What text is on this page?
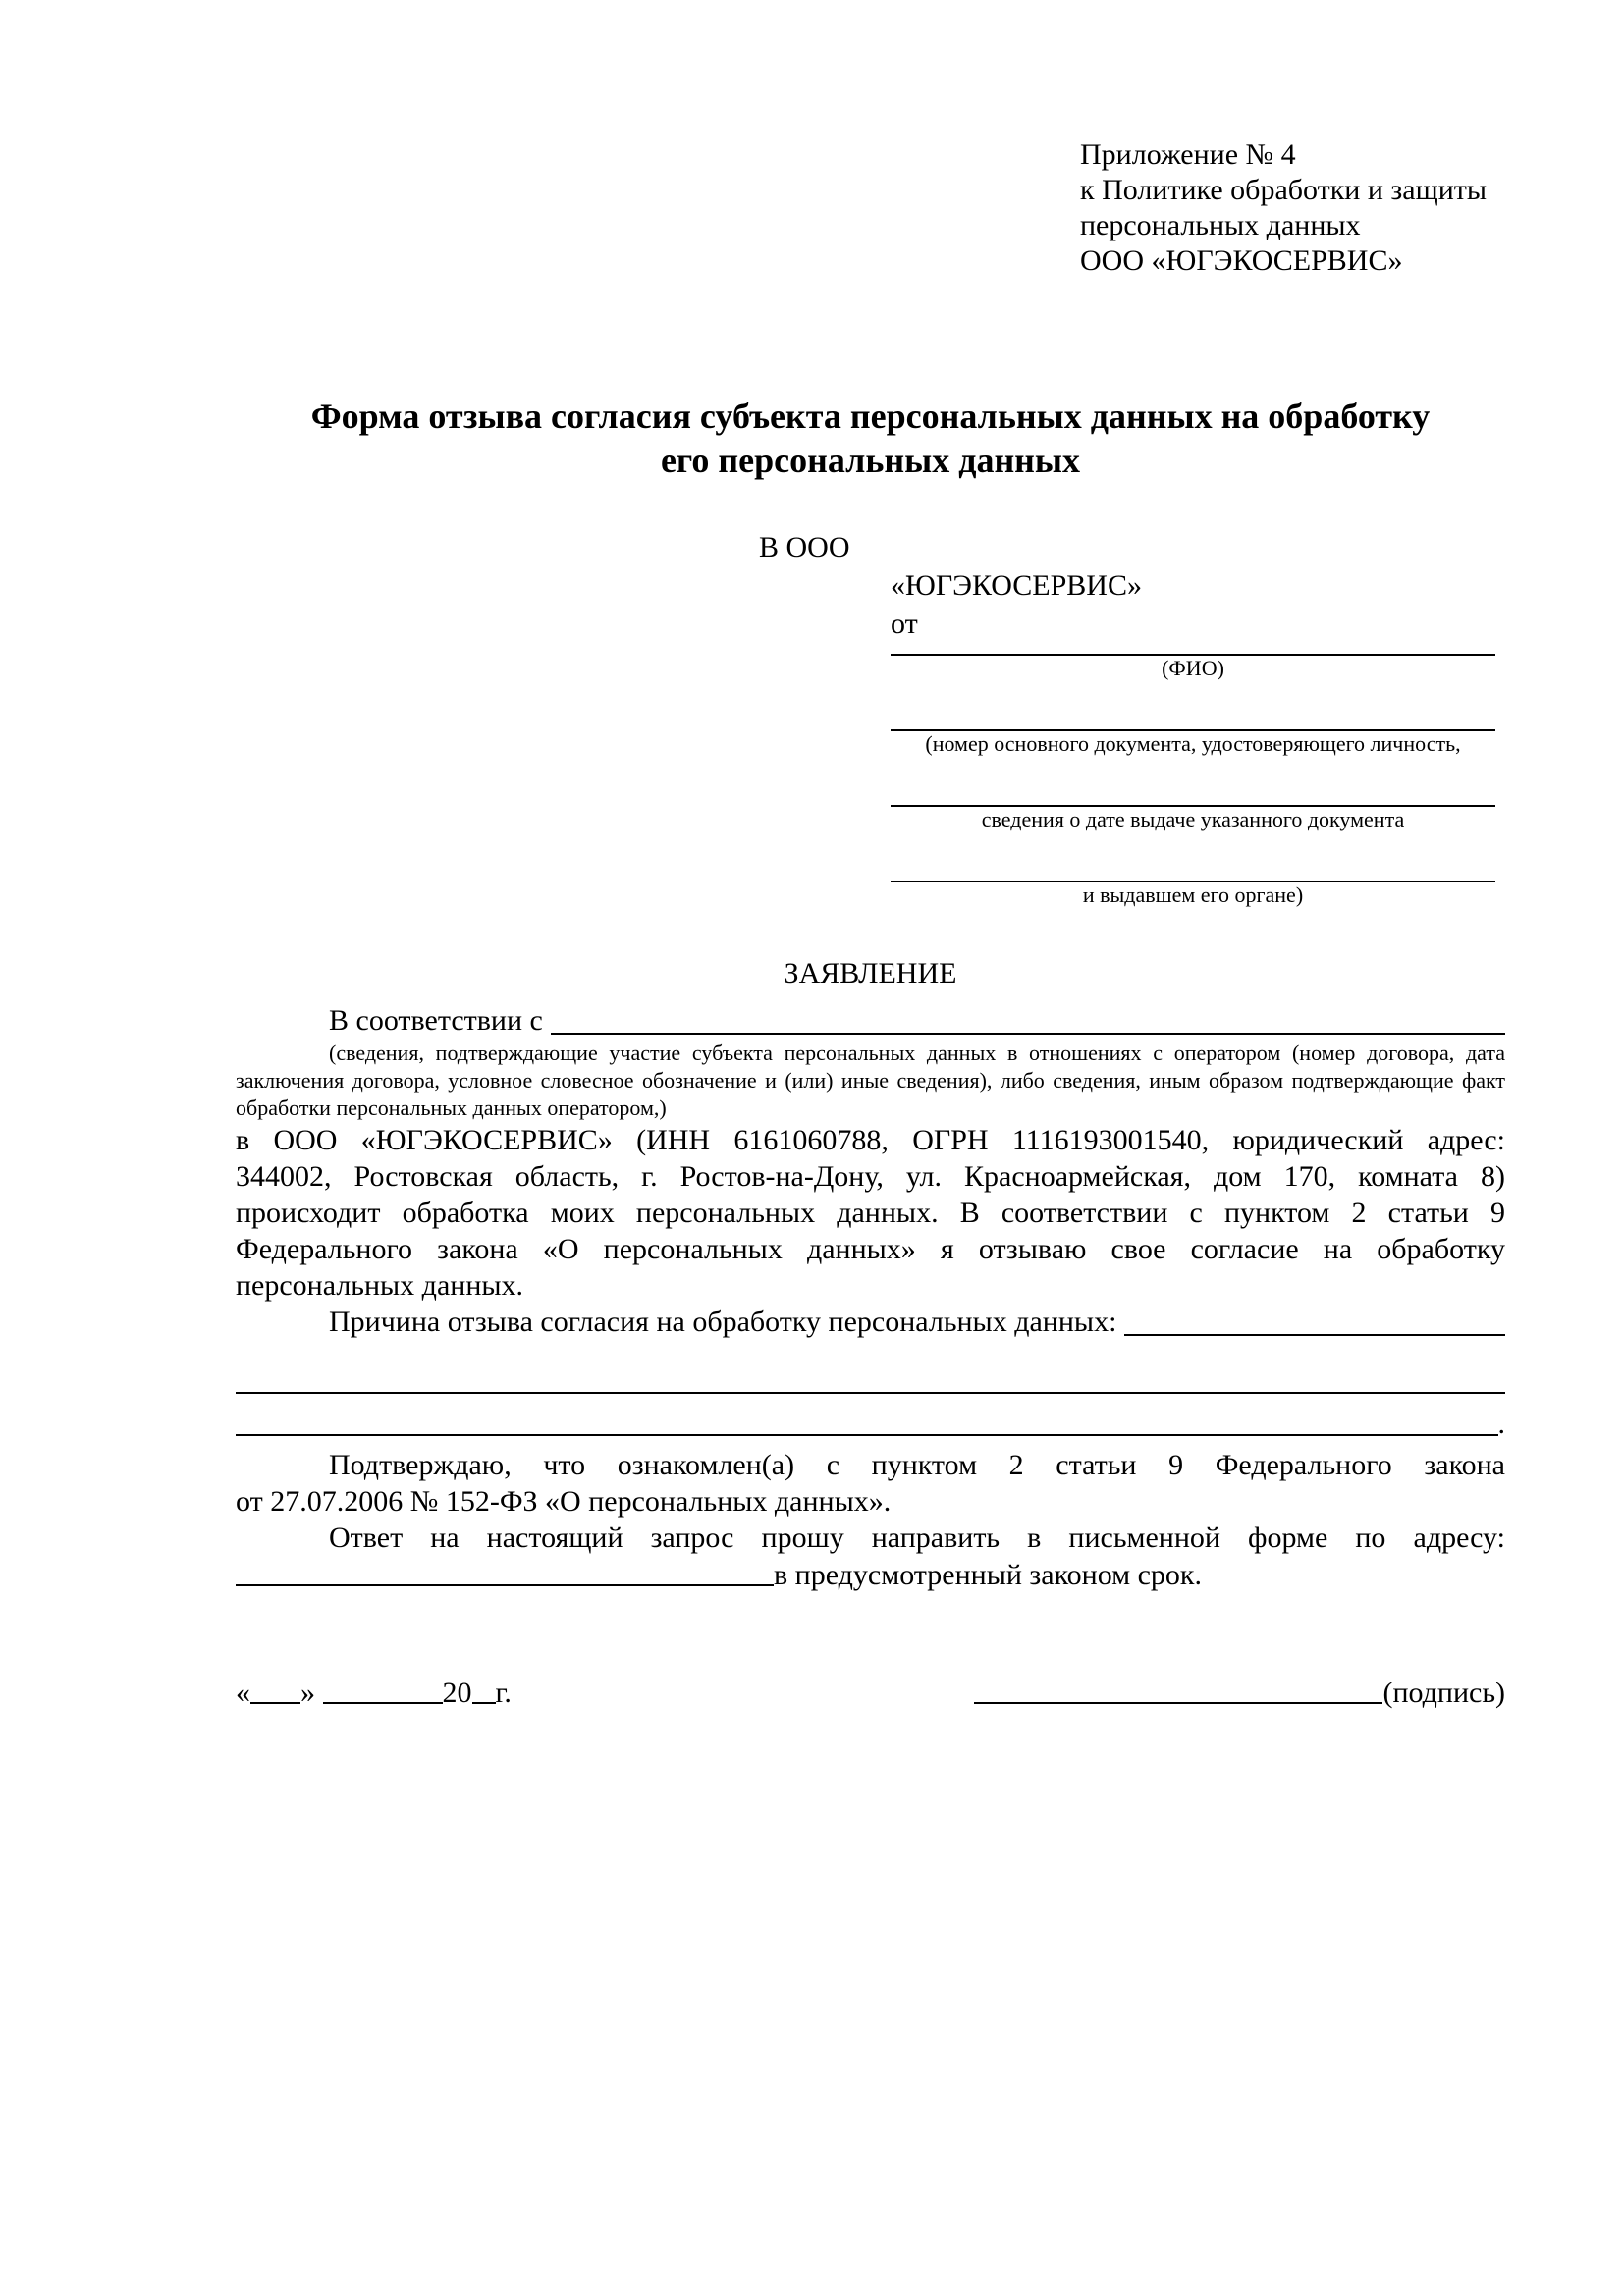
Приложение № 4
к Политике обработки и защиты
персональных данных
ООО «ЮГЭКОСЕРВИС»
Форма отзыва согласия субъекта персональных данных на обработку
его персональных данных
В ООО
«ЮГЭКОСЕРВИС»
от
(ФИО)
(номер основного документа, удостоверяющего личность,
сведения о дате выдаче указанного документа
и выдавшем его органе)
ЗАЯВЛЕНИЕ
В соответствии с
(сведения, подтверждающие участие субъекта персональных данных в отношениях с оператором (номер договора, дата
заключения договора, условное словесное обозначение и (или) иные сведения), либо сведения, иным образом подтверждающие факт
обработки персональных данных оператором,)
в ООО «ЮГЭКОСЕРВИС» (ИНН 6161060788, ОГРН 1116193001540, юридический адрес:
344002, Ростовская область, г. Ростов-на-Дону, ул. Красноармейская, дом 170, комната 8)
происходит обработка моих персональных данных. В соответствии с пунктом 2 статьи 9
Федерального закона «О персональных данных» я отзываю свое согласие на обработку
персональных данных.
Причина отзыва согласия на обработку персональных данных:
.
Подтверждаю, что ознакомлен(а) с пунктом 2 статьи 9 Федерального закона
от 27.07.2006 № 152-ФЗ «О персональных данных».
Ответ на настоящий запрос прошу направить в письменной форме по адресу:
в предусмотренный законом срок.
« »	20 г.	(подпись)
